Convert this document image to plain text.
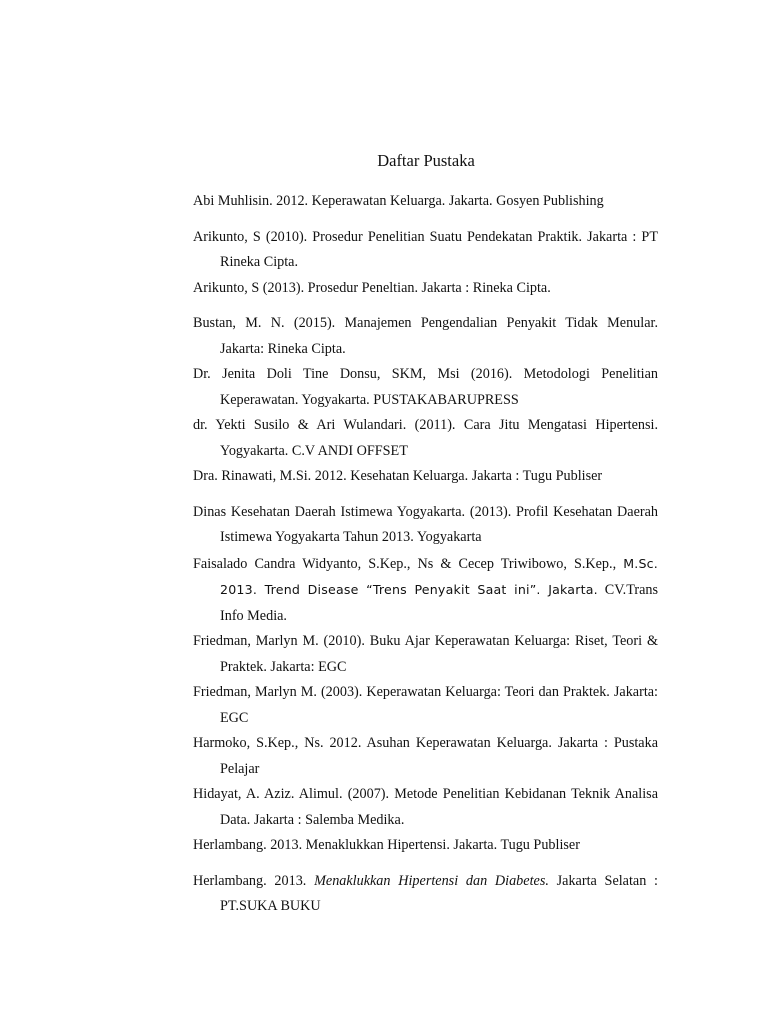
Daftar Pustaka
Abi Muhlisin. 2012. Keperawatan Keluarga. Jakarta. Gosyen Publishing
Arikunto, S (2010). Prosedur Penelitian Suatu Pendekatan Praktik. Jakarta : PT Rineka Cipta.
Arikunto, S (2013). Prosedur Peneltian. Jakarta : Rineka Cipta.
Bustan, M. N. (2015). Manajemen Pengendalian Penyakit Tidak Menular. Jakarta: Rineka Cipta.
Dr. Jenita Doli Tine Donsu, SKM, Msi (2016). Metodologi Penelitian Keperawatan. Yogyakarta. PUSTAKABARUPRESS
dr. Yekti Susilo & Ari Wulandari. (2011). Cara Jitu Mengatasi Hipertensi. Yogyakarta. C.V ANDI OFFSET
Dra. Rinawati, M.Si. 2012. Kesehatan Keluarga. Jakarta : Tugu Publiser
Dinas Kesehatan Daerah Istimewa Yogyakarta. (2013). Profil Kesehatan Daerah Istimewa Yogyakarta Tahun 2013. Yogyakarta
Faisalado Candra Widyanto, S.Kep., Ns & Cecep Triwibowo, S.Kep., M.Sc. 2013. Trend Disease “Trens Penyakit Saat ini”. Jakarta. CV.Trans Info Media.
Friedman, Marlyn M. (2010). Buku Ajar Keperawatan Keluarga: Riset, Teori & Praktek. Jakarta: EGC
Friedman, Marlyn M. (2003). Keperawatan Keluarga: Teori dan Praktek. Jakarta: EGC
Harmoko, S.Kep., Ns. 2012. Asuhan Keperawatan Keluarga. Jakarta : Pustaka Pelajar
Hidayat, A. Aziz. Alimul. (2007). Metode Penelitian Kebidanan Teknik Analisa Data. Jakarta : Salemba Medika.
Herlambang. 2013. Menaklukkan Hipertensi. Jakarta. Tugu Publiser
Herlambang. 2013. Menaklukkan Hipertensi dan Diabetes. Jakarta Selatan : PT.SUKA BUKU
